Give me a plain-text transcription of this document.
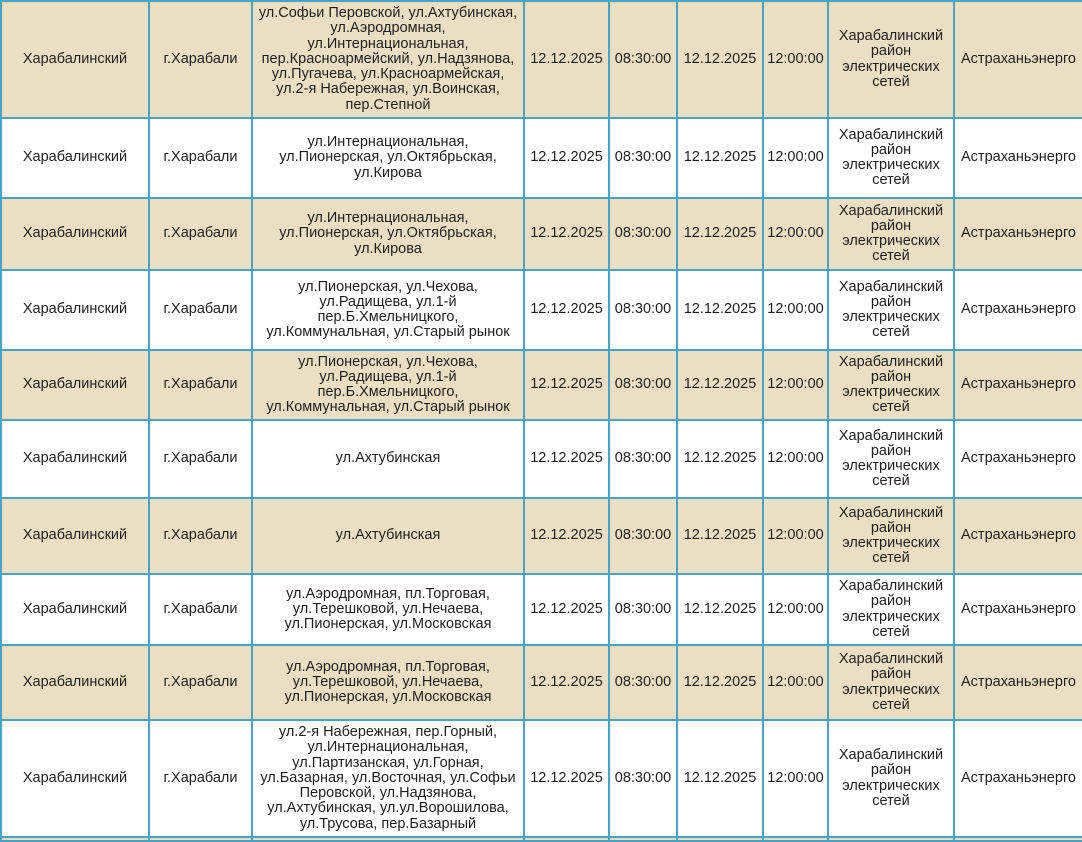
Харабалинский	г.Харабали	ул.Софьи Перовской, ул.Ахтубинская, ул.Аэродромная, ул.Интернациональная, пер.Красноармейский, ул.Надзянова, ул.Пугачева, ул.Красноармейская, ул.2-я Набережная, ул.Воинская, пер.Степной	12.12.2025	08:30:00	12.12.2025	12:00:00	Харабалинский район электрических сетей	Астраханьэнерго
Харабалинский	г.Харабали	ул.Интернациональная, ул.Пионерская, ул.Октябрьская, ул.Кирова	12.12.2025	08:30:00	12.12.2025	12:00:00	Харабалинский район электрических сетей	Астраханьэнерго
Харабалинский	г.Харабали	ул.Интернациональная, ул.Пионерская, ул.Октябрьская, ул.Кирова	12.12.2025	08:30:00	12.12.2025	12:00:00	Харабалинский район электрических сетей	Астраханьэнерго
Харабалинский	г.Харабали	ул.Пионерская, ул.Чехова, ул.Радищева, ул.1-й пер.Б.Хмельницкого, ул.Коммунальная, ул.Старый рынок	12.12.2025	08:30:00	12.12.2025	12:00:00	Харабалинский район электрических сетей	Астраханьэнерго
Харабалинский	г.Харабали	ул.Пионерская, ул.Чехова, ул.Радищева, ул.1-й пер.Б.Хмельницкого, ул.Коммунальная, ул.Старый рынок	12.12.2025	08:30:00	12.12.2025	12:00:00	Харабалинский район электрических сетей	Астраханьэнерго
Харабалинский	г.Харабали	ул.Ахтубинская	12.12.2025	08:30:00	12.12.2025	12:00:00	Харабалинский район электрических сетей	Астраханьэнерго
Харабалинский	г.Харабали	ул.Ахтубинская	12.12.2025	08:30:00	12.12.2025	12:00:00	Харабалинский район электрических сетей	Астраханьэнерго
Харабалинский	г.Харабали	ул.Аэродромная, пл.Торговая, ул.Терешковой, ул.Нечаева, ул.Пионерская, ул.Московская	12.12.2025	08:30:00	12.12.2025	12:00:00	Харабалинский район электрических сетей	Астраханьэнерго
Харабалинский	г.Харабали	ул.Аэродромная, пл.Торговая, ул.Терешковой, ул.Нечаева, ул.Пионерская, ул.Московская	12.12.2025	08:30:00	12.12.2025	12:00:00	Харабалинский район электрических сетей	Астраханьэнерго
Харабалинский	г.Харабали	ул.2-я Набережная, пер.Горный, ул.Интернациональная, ул.Партизанская, ул.Горная, ул.Базарная, ул.Восточная, ул.Софьи Перовской, ул.Надзянова, ул.Ахтубинская, ул.ул.Ворошилова, ул.Трусова, пер.Базарный	12.12.2025	08:30:00	12.12.2025	12:00:00	Харабалинский район электрических сетей	Астраханьэнерго
